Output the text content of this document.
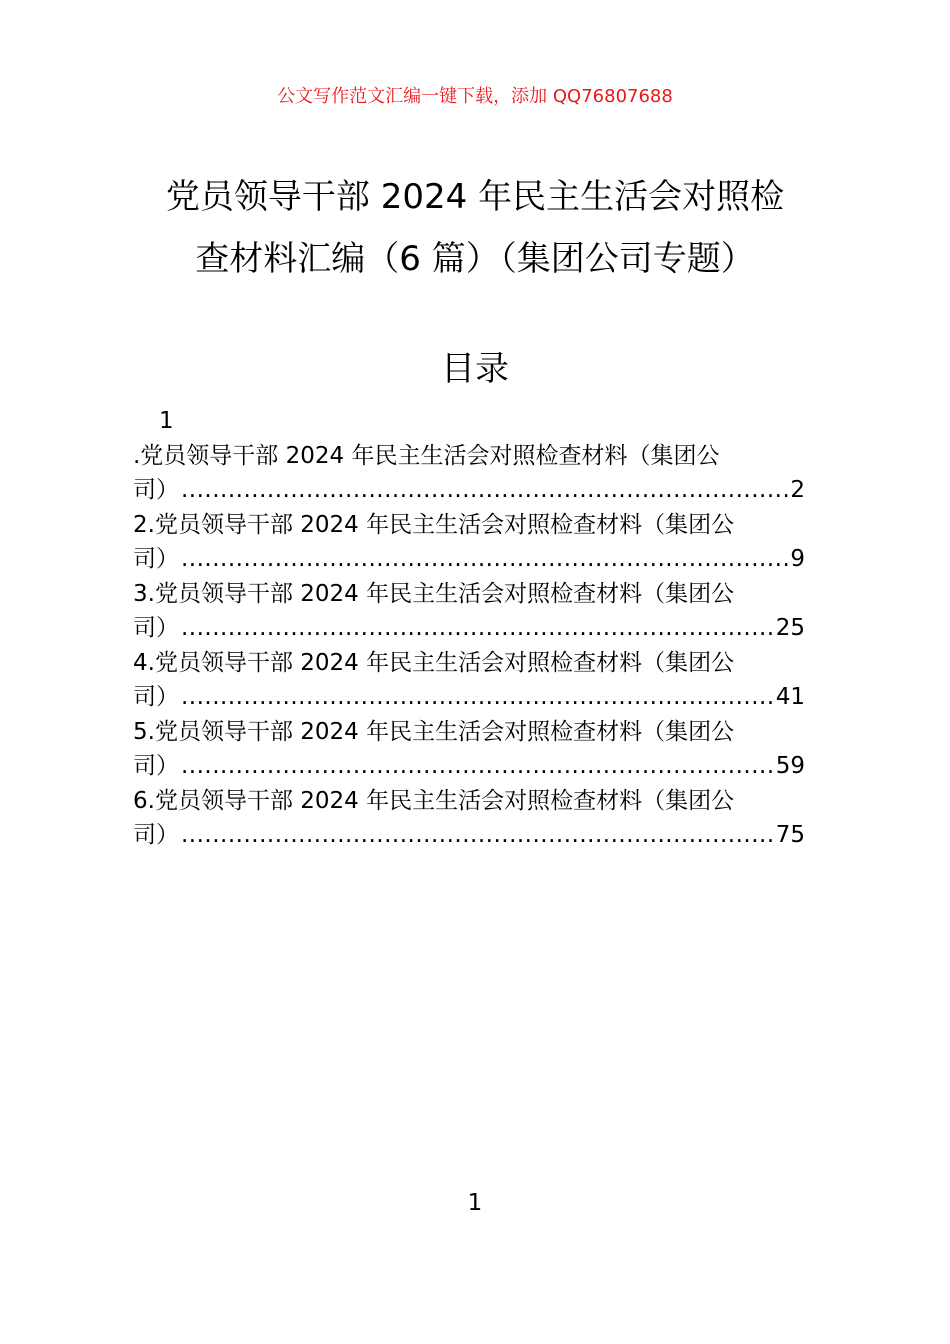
公文写作范文汇编一键下载，添加 QQ76807688
党员领导干部 2024 年民主生活会对照检
查材料汇编（6 篇）（集团公司专题）
目录
1
.党员领导干部 2024 年民主生活会对照检查材料（集团公
司） .....	2
2.党员领导干部 2024 年民主生活会对照检查材料（集团公
司） .....	9
3.党员领导干部 2024 年民主生活会对照检查材料（集团公
司） .....	25
4.党员领导干部 2024 年民主生活会对照检查材料（集团公
司） .....	41
5.党员领导干部 2024 年民主生活会对照检查材料（集团公
司） .....	59
6.党员领导干部 2024 年民主生活会对照检查材料（集团公
司） .....	75
1
